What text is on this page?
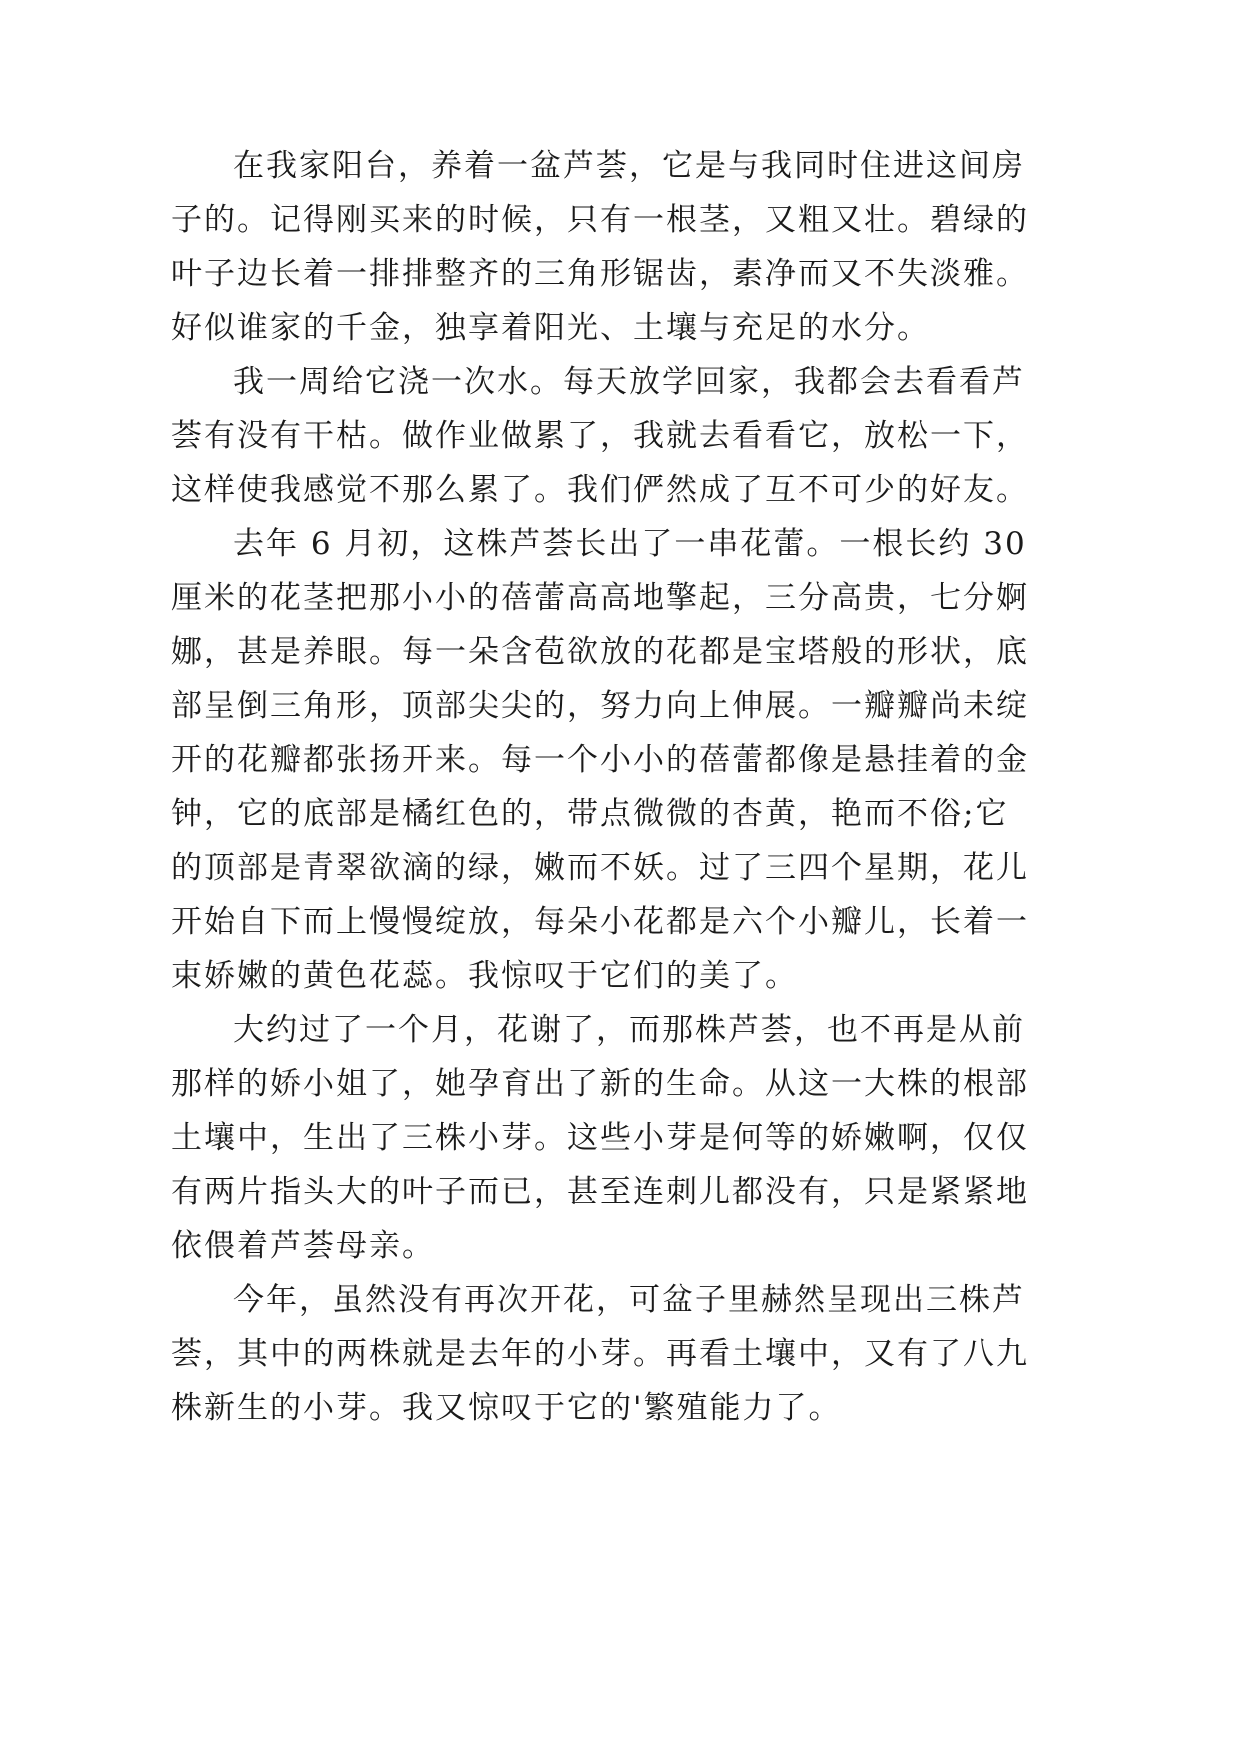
在我家阳台，养着一盆芦荟，它是与我同时住进这间房
子的。记得刚买来的时候，只有一根茎，又粗又壮。碧绿的
叶子边长着一排排整齐的三角形锯齿，素净而又不失淡雅。
好似谁家的千金，独享着阳光、土壤与充足的水分。
我一周给它浇一次水。每天放学回家，我都会去看看芦
荟有没有干枯。做作业做累了，我就去看看它，放松一下，
这样使我感觉不那么累了。我们俨然成了互不可少的好友。
去年 6 月初，这株芦荟长出了一串花蕾。一根长约 30
厘米的花茎把那小小的蓓蕾高高地擎起，三分高贵，七分婀
娜，甚是养眼。每一朵含苞欲放的花都是宝塔般的形状，底
部呈倒三角形，顶部尖尖的，努力向上伸展。一瓣瓣尚未绽
开的花瓣都张扬开来。每一个小小的蓓蕾都像是悬挂着的金
钟，它的底部是橘红色的，带点微微的杏黄，艳而不俗;它
的顶部是青翠欲滴的绿，嫩而不妖。过了三四个星期，花儿
开始自下而上慢慢绽放，每朵小花都是六个小瓣儿，长着一
束娇嫩的黄色花蕊。我惊叹于它们的美了。
大约过了一个月，花谢了，而那株芦荟，也不再是从前
那样的娇小姐了，她孕育出了新的生命。从这一大株的根部
土壤中，生出了三株小芽。这些小芽是何等的娇嫩啊，仅仅
有两片指头大的叶子而已，甚至连刺儿都没有，只是紧紧地
依偎着芦荟母亲。
今年，虽然没有再次开花，可盆子里赫然呈现出三株芦
荟，其中的两株就是去年的小芽。再看土壤中，又有了八九
株新生的小芽。我又惊叹于它的'繁殖能力了。
